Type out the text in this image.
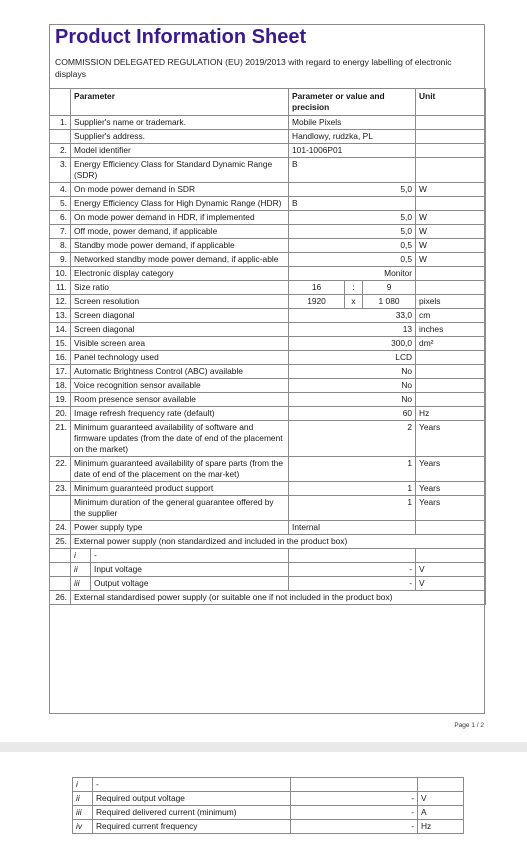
Product Information Sheet
COMMISSION DELEGATED REGULATION (EU) 2019/2013 with regard to energy labelling of electronic displays
	Parameter		Parameter or value and precision			Unit
1.	Supplier's name or trademark.		Mobile Pixels			
	Supplier's address.		Handlowy, rudzka, PL			
2.	Model identifier		101-1006P01			
3.	Energy Efficiency Class for Standard Dynamic Range (SDR)		B			
4.	On mode power demand in SDR		5,0			W
5.	Energy Efficiency Class for High Dynamic Range (HDR)		B			
6.	On mode power demand in HDR, if implemented		5,0			W
7.	Off mode, power demand, if applicable		5,0			W
8.	Standby mode power demand, if applicable		0,5			W
9.	Networked standby mode power demand, if applic-able		0,5			W
10.	Electronic display category		Monitor			
11.	Size ratio		16	:	9	
12.	Screen resolution		1920	x	1 080	pixels
13.	Screen diagonal		33,0			cm
14.	Screen diagonal		13			inches
15.	Visible screen area		300,0			dm²
16.	Panel technology used		LCD			
17.	Automatic Brightness Control (ABC) available		No			
18.	Voice recognition sensor available		No			
19.	Room presence sensor available		No			
20.	Image refresh frequency rate (default)		60			Hz
21.	Minimum guaranteed availability of software and firmware updates (from the date of end of the placement on the market)		2			Years
22.	Minimum guaranteed availability of spare parts (from the date of end of the placement on the mar-ket)		1			Years
23.	Minimum guaranteed product support		1			Years
	Minimum duration of the general guarantee offered by the supplier		1			Years
24.	Power supply type		Internal			
25.	External power supply (non standardized and included in the product box)					
	i	-				
	ii	Input voltage	-			V
	iii	Output voltage	-			V
26.	External standardised power supply (or suitable one if not included in the product box)					
Page 1 / 2
i	-		
ii	Required output voltage	-	V
iii	Required delivered current (minimum)	-	A
iv	Required current frequency	-	Hz
